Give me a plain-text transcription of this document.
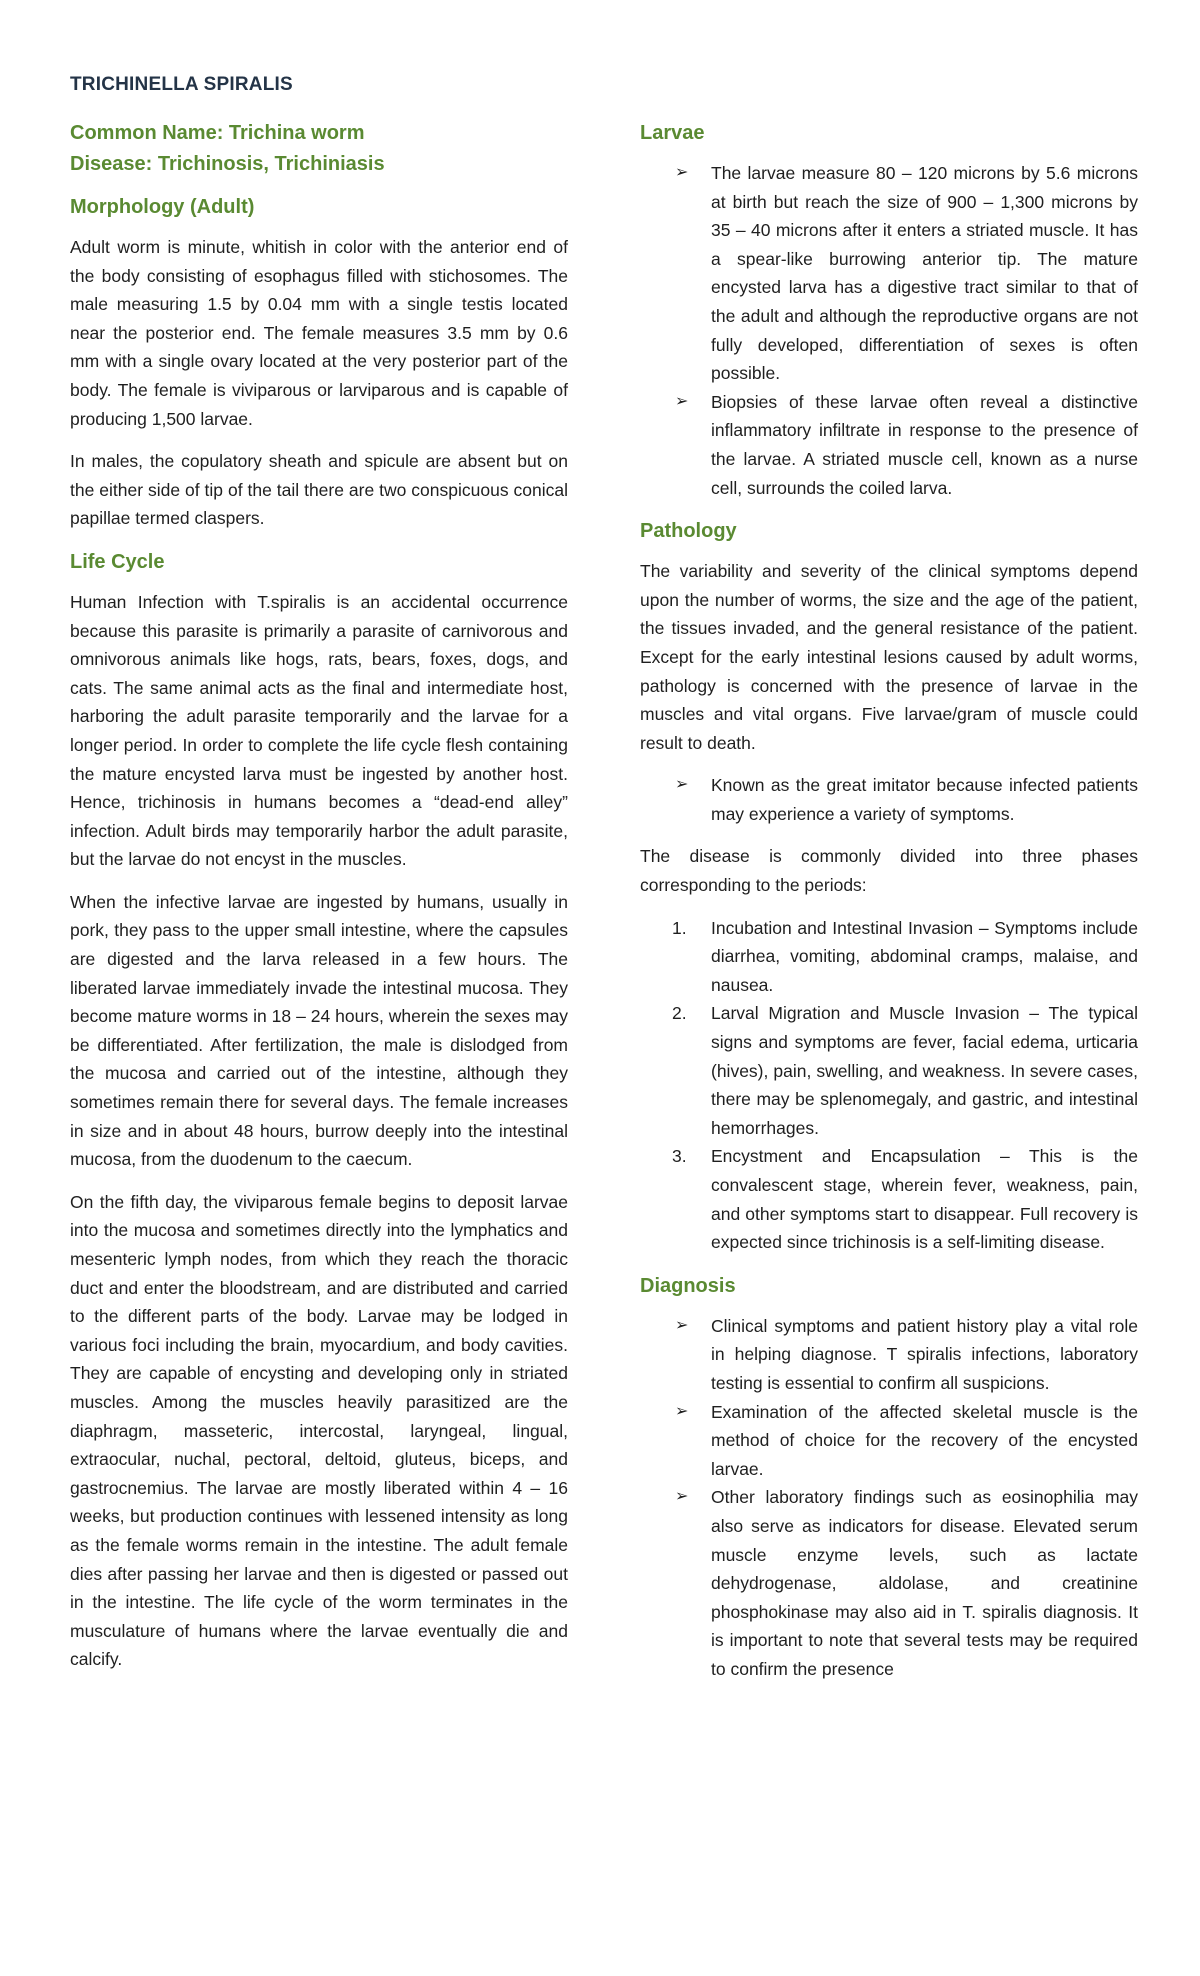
TRICHINELLA SPIRALIS
Common Name: Trichina worm
Disease: Trichinosis, Trichiniasis
Morphology (Adult)

Adult worm is minute, whitish in color with the anterior end of the body consisting of esophagus filled with stichosomes. The male measuring 1.5 by 0.04 mm with a single testis located near the posterior end. The female measures 3.5 mm by 0.6 mm with a single ovary located at the very posterior part of the body. The female is viviparous or larviparous and is capable of producing 1,500 larvae.

In males, the copulatory sheath and spicule are absent but on the either side of tip of the tail there are two conspicuous conical papillae termed claspers.

Life Cycle

Human Infection with T.spiralis is an accidental occurrence because this parasite is primarily a parasite of carnivorous and omnivorous animals like hogs, rats, bears, foxes, dogs, and cats. The same animal acts as the final and intermediate host, harboring the adult parasite temporarily and the larvae for a longer period. In order to complete the life cycle flesh containing the mature encysted larva must be ingested by another host. Hence, trichinosis in humans becomes a “dead-end alley” infection. Adult birds may temporarily harbor the adult parasite, but the larvae do not encyst in the muscles.

When the infective larvae are ingested by humans, usually in pork, they pass to the upper small intestine, where the capsules are digested and the larva released in a few hours. The liberated larvae immediately invade the intestinal mucosa. They become mature worms in 18 – 24 hours, wherein the sexes may be differentiated. After fertilization, the male is dislodged from the mucosa and carried out of the intestine, although they sometimes remain there for several days. The female increases in size and in about 48 hours, burrow deeply into the intestinal mucosa, from the duodenum to the caecum.

On the fifth day, the viviparous female begins to deposit larvae into the mucosa and sometimes directly into the lymphatics and mesenteric lymph nodes, from which they reach the thoracic duct and enter the bloodstream, and are distributed and carried to the different parts of the body. Larvae may be lodged in various foci including the brain, myocardium, and body cavities. They are capable of encysting and developing only in striated muscles. Among the muscles heavily parasitized are the diaphragm, masseteric, intercostal, laryngeal, lingual, extraocular, nuchal, pectoral, deltoid, gluteus, biceps, and gastrocnemius. The larvae are mostly liberated within 4 – 16 weeks, but production continues with lessened intensity as long as the female worms remain in the intestine. The adult female dies after passing her larvae and then is digested or passed out in the intestine. The life cycle of the worm terminates in the musculature of humans where the larvae eventually die and calcify.

Larvae
➢ The larvae measure 80 – 120 microns by 5.6 microns at birth but reach the size of 900 – 1,300 microns by 35 – 40 microns after it enters a striated muscle. It has a spear-like burrowing anterior tip. The mature encysted larva has a digestive tract similar to that of the adult and although the reproductive organs are not fully developed, differentiation of sexes is often possible.
➢ Biopsies of these larvae often reveal a distinctive inflammatory infiltrate in response to the presence of the larvae. A striated muscle cell, known as a nurse cell, surrounds the coiled larva.
Pathology

The variability and severity of the clinical symptoms depend upon the number of worms, the size and the age of the patient, the tissues invaded, and the general resistance of the patient. Except for the early intestinal lesions caused by adult worms, pathology is concerned with the presence of larvae in the muscles and vital organs. Five larvae/gram of muscle could result to death.

➢ Known as the great imitator because infected patients may experience a variety of symptoms.

The disease is commonly divided into three phases corresponding to the periods:

1. Incubation and Intestinal Invasion – Symptoms include diarrhea, vomiting, abdominal cramps, malaise, and nausea.
2. Larval Migration and Muscle Invasion – The typical signs and symptoms are fever, facial edema, urticaria (hives), pain, swelling, and weakness. In severe cases, there may be splenomegaly, and gastric, and intestinal hemorrhages.
3. Encystment and Encapsulation – This is the convalescent stage, wherein fever, weakness, pain, and other symptoms start to disappear. Full recovery is expected since trichinosis is a self-limiting disease.
Diagnosis
➢ Clinical symptoms and patient history play a vital role in helping diagnose. T spiralis infections, laboratory testing is essential to confirm all suspicions.
➢ Examination of the affected skeletal muscle is the method of choice for the recovery of the encysted larvae.
➢ Other laboratory findings such as eosinophilia may also serve as indicators for disease. Elevated serum muscle enzyme levels, such as lactate dehydrogenase, aldolase, and creatinine phosphokinase may also aid in T. spiralis diagnosis. It is important to note that several tests may be required to confirm the presence
